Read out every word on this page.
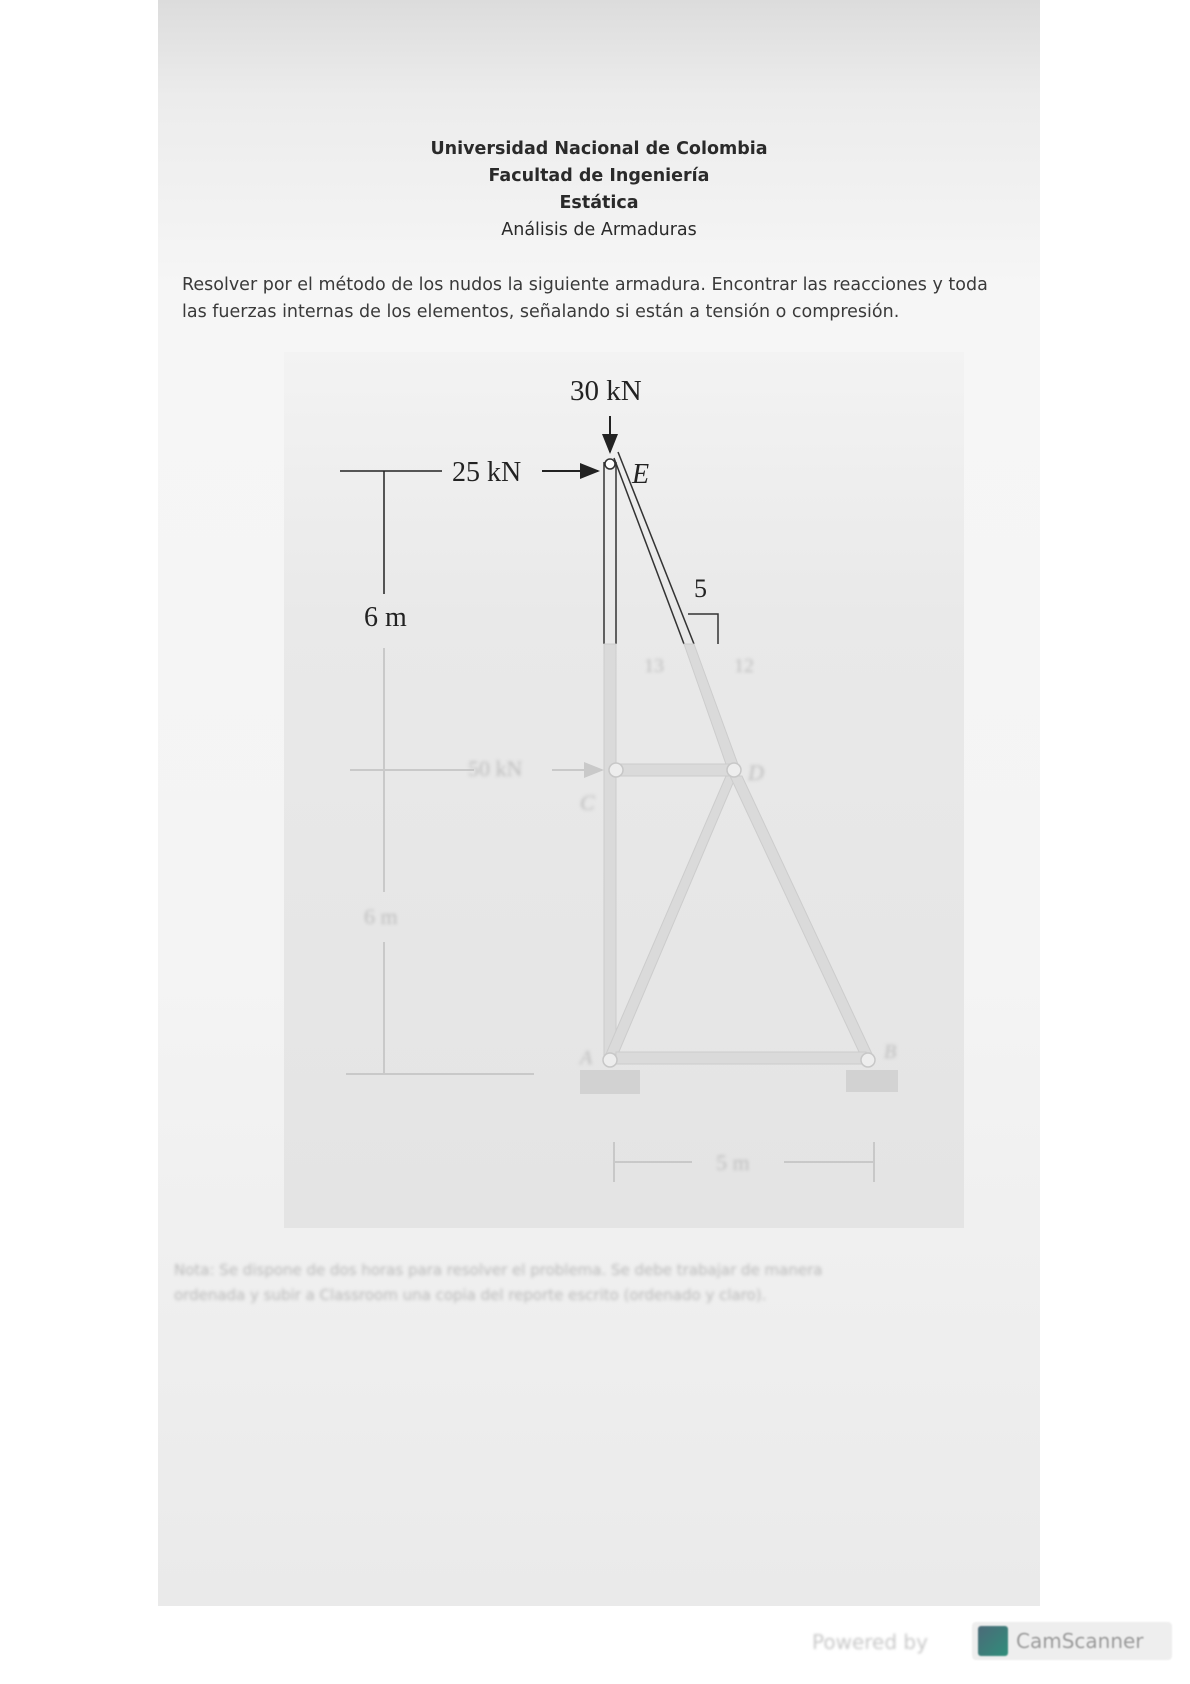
Universidad Nacional de Colombia
Facultad de Ingeniería
Estática
Análisis de Armaduras
Resolver por el método de los nudos la siguiente armadura. Encontrar las reacciones y toda
las fuerzas internas de los elementos, señalando si están a tensión o compresión.
Nota: Se dispone de dos horas para resolver el problema. Se debe trabajar de manera
ordenada y subir a Classroom una copia del reporte escrito (ordenado y claro).
30 kN
25 kN	E
5
6 m
13	12
50 kN
C
D
6 m
A	B
5 m
Powered by	CamScanner
